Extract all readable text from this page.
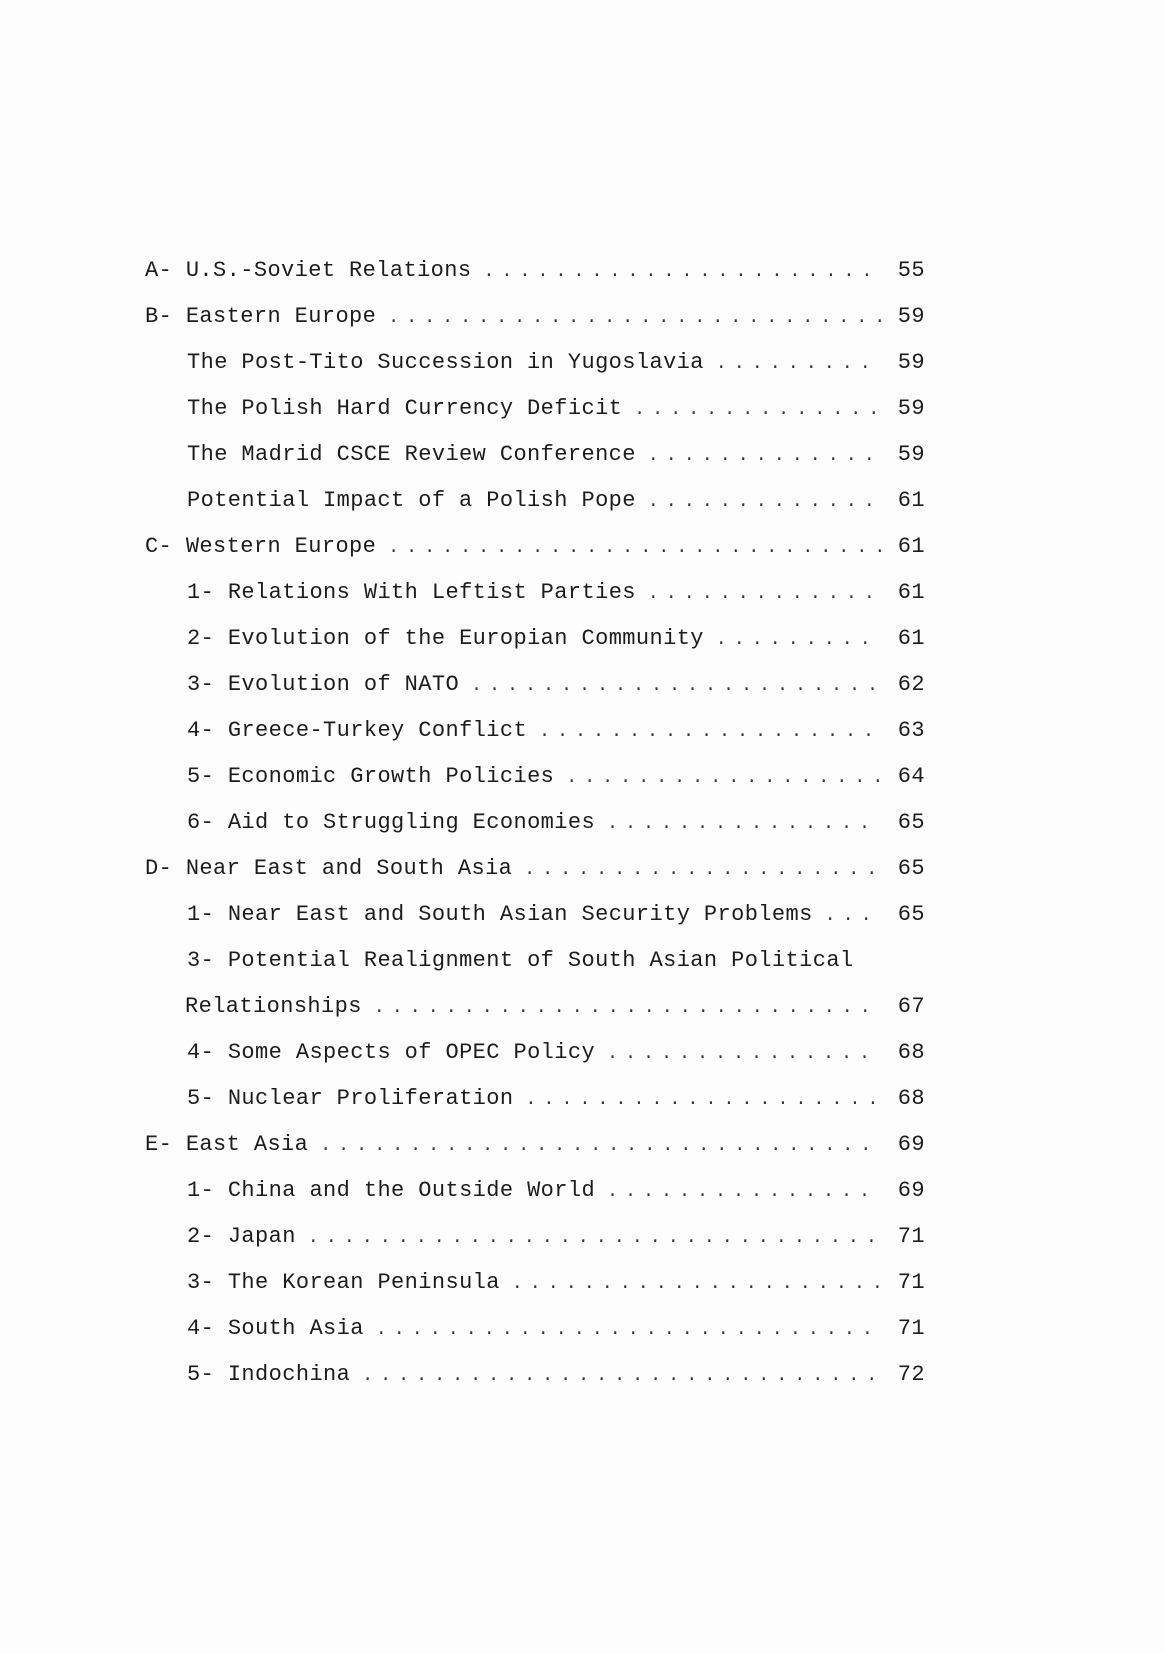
A- U.S.-Soviet Relations . . .	55
B- Eastern Europe . . .	59
The Post-Tito Succession in Yugoslavia . . .	59
The Polish Hard Currency Deficit . . .	59
The Madrid CSCE Review Conference . . .	59
Potential Impact of a Polish Pope . . .	61
C- Western Europe . . .	61
1- Relations With Leftist Parties . . .	61
2- Evolution of the Europian Community . . .	61
3- Evolution of NATO . . .	62
4- Greece-Turkey Conflict . . .	63
5- Economic Growth Policies . . .	64
6- Aid to Struggling Economies . . .	65
D- Near East and South Asia . . .	65
1- Near East and South Asian Security Problems . . .	65
3- Potential Realignment of South Asian Political
Relationships . . .	67
4- Some Aspects of OPEC Policy . . .	68
5- Nuclear Proliferation . . .	68
E- East Asia . . .	69
1- China and the Outside World . . .	69
2- Japan . . .	71
3- The Korean Peninsula . . .	71
4- South Asia . . .	71
5- Indochina . . .	72
